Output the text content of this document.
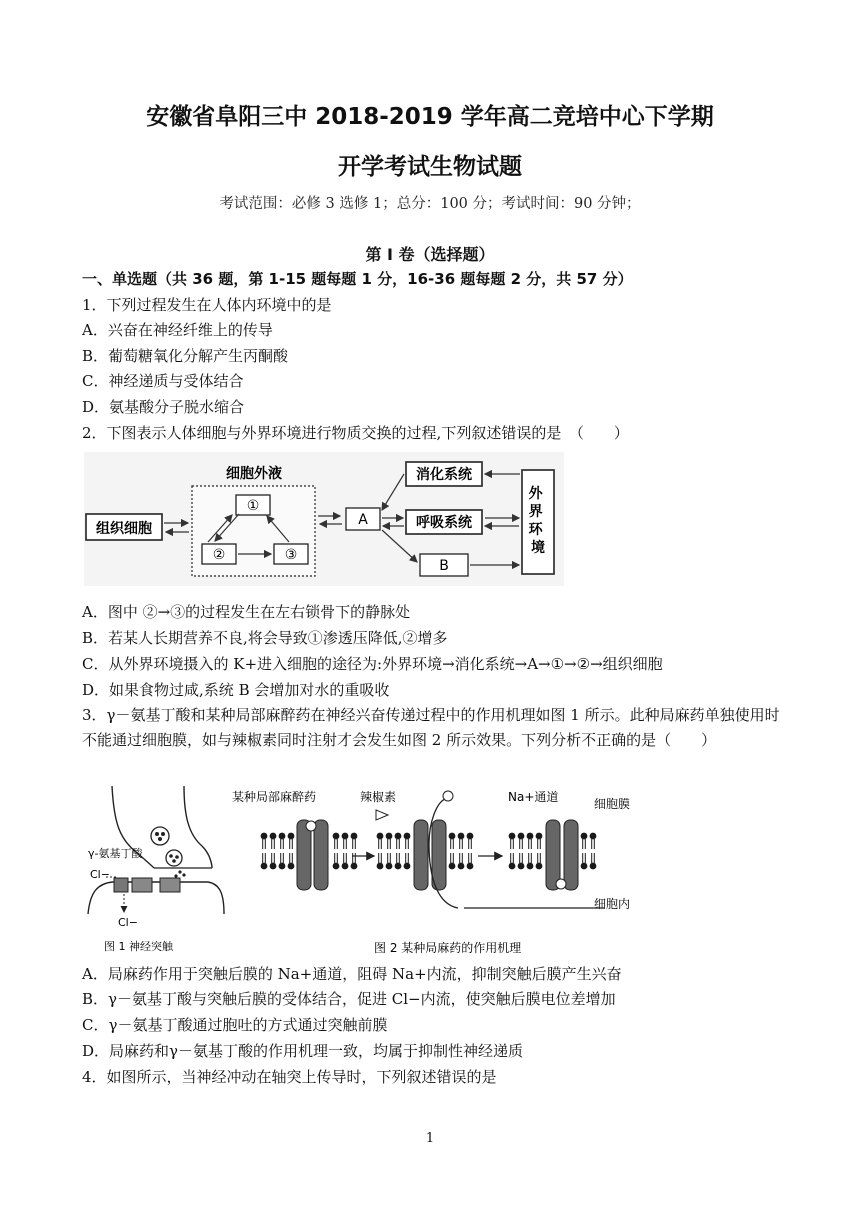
安徽省阜阳三中 2018-2019 学年高二竞培中心下学期
开学考试生物试题
考试范围：必修 3 选修 1；总分：100 分；考试时间：90 分钟；
第 I 卷（选择题）
一、单选题（共 36 题，第 1-15 题每题 1 分，16-36 题每题 2 分，共 57 分）
1．下列过程发生在人体内环境中的是
A．兴奋在神经纤维上的传导
B．葡萄糖氧化分解产生丙酮酸
C．神经递质与受体结合
D．氨基酸分子脱水缩合
2．下图表示人体细胞与外界环境进行物质交换的过程,下列叙述错误的是　（　　）
细胞外液
组织细胞
①
②	③
A
消化系统
呼吸系统
B
外 界 环 境
A．图中 ②→③的过程发生在左右锁骨下的静脉处
B．若某人长期营养不良,将会导致①渗透压降低,②增多
C．从外界环境摄入的 K+进入细胞的途径为:外界环境→消化系统→A→①→②→组织细胞
D．如果食物过咸,系统 B 会增加对水的重吸收
3．γ－氨基丁酸和某种局部麻醉药在神经兴奋传递过程中的作用机理如图 1 所示。此种局麻药单独使用时不能通过细胞膜，如与辣椒素同时注射才会发生如图 2 所示效果。下列分析不正确的是（　　）
γ-氨基丁酸
Cl−
Cl−
图 1 神经突触
某种局部麻醉药	辣椒素	Na+通道	细胞膜
细胞内
图 2 某种局麻药的作用机理
A．局麻药作用于突触后膜的 Na+通道，阻碍 Na+内流，抑制突触后膜产生兴奋
B．γ－氨基丁酸与突触后膜的受体结合，促进 Cl−内流，使突触后膜电位差增加
C．γ－氨基丁酸通过胞吐的方式通过突触前膜
D．局麻药和γ－氨基丁酸的作用机理一致，均属于抑制性神经递质
4．如图所示，当神经冲动在轴突上传导时，下列叙述错误的是
1
